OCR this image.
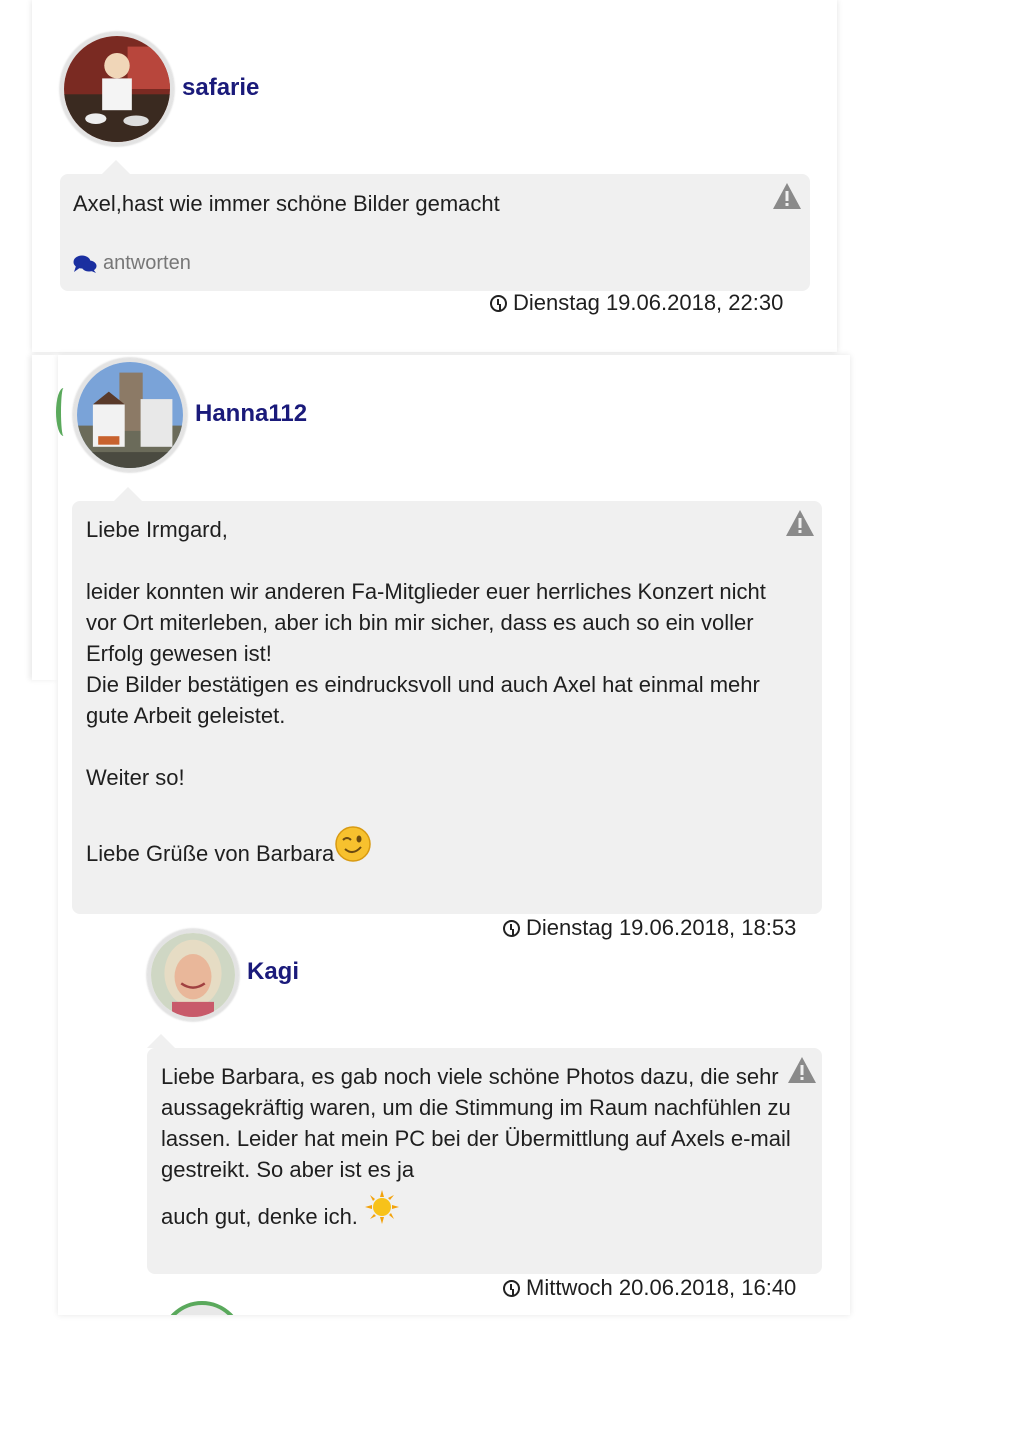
safarie

Axel,hast wie immer schöne Bilder gemacht

antworten
Dienstag 19.06.2018, 22:30
Hanna112

Liebe Irmgard,

leider konnten wir anderen Fa-Mitglieder euer herrliches Konzert nicht vor Ort miterleben, aber ich bin mir sicher, dass es auch so ein voller Erfolg gewesen ist!

Die Bilder bestätigen es eindrucksvoll und auch Axel hat einmal mehr gute Arbeit geleistet.

Weiter so!

Liebe Grüße von Barbara

Dienstag 19.06.2018, 18:53
Kagi

Liebe Barbara, es gab noch viele schöne Photos dazu, die sehr aussagekräftig waren, um die Stimmung im Raum nachfühlen zu lassen. Leider hat mein PC bei der Übermittlung auf Axels e-mail gestreikt. So aber ist es ja

auch gut, denke ich.

Mittwoch 20.06.2018, 16:40
